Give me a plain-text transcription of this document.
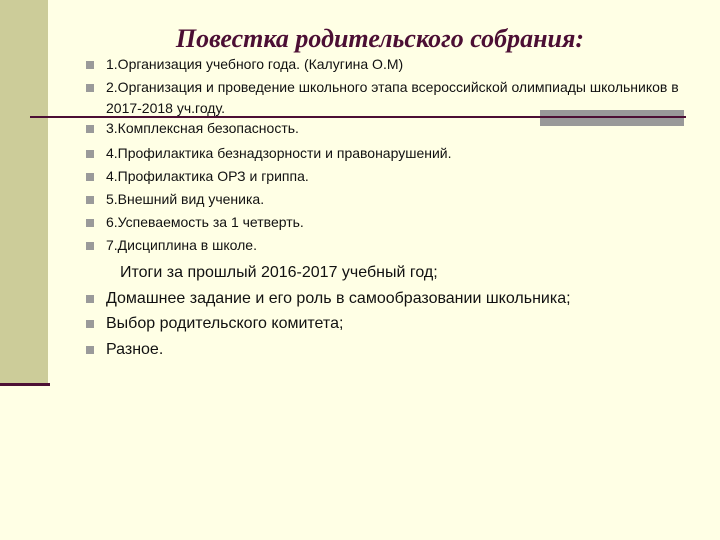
Повестка родительского собрания:
1.Организация учебного года. (Калугина О.М)
2.Организация и проведение школьного этапа всероссийской олимпиады школьников в 2017-2018 уч.году.
3.Комплексная безопасность.
4.Профилактика безнадзорности и правонарушений.
4.Профилактика ОРЗ и гриппа.
5.Внешний вид ученика.
6.Успеваемость за 1 четверть.
7.Дисциплина в школе.
Итоги за прошлый 2016-2017 учебный год;
Домашнее задание и его роль в самообразовании школьника;
Выбор родительского комитета;
Разное.
